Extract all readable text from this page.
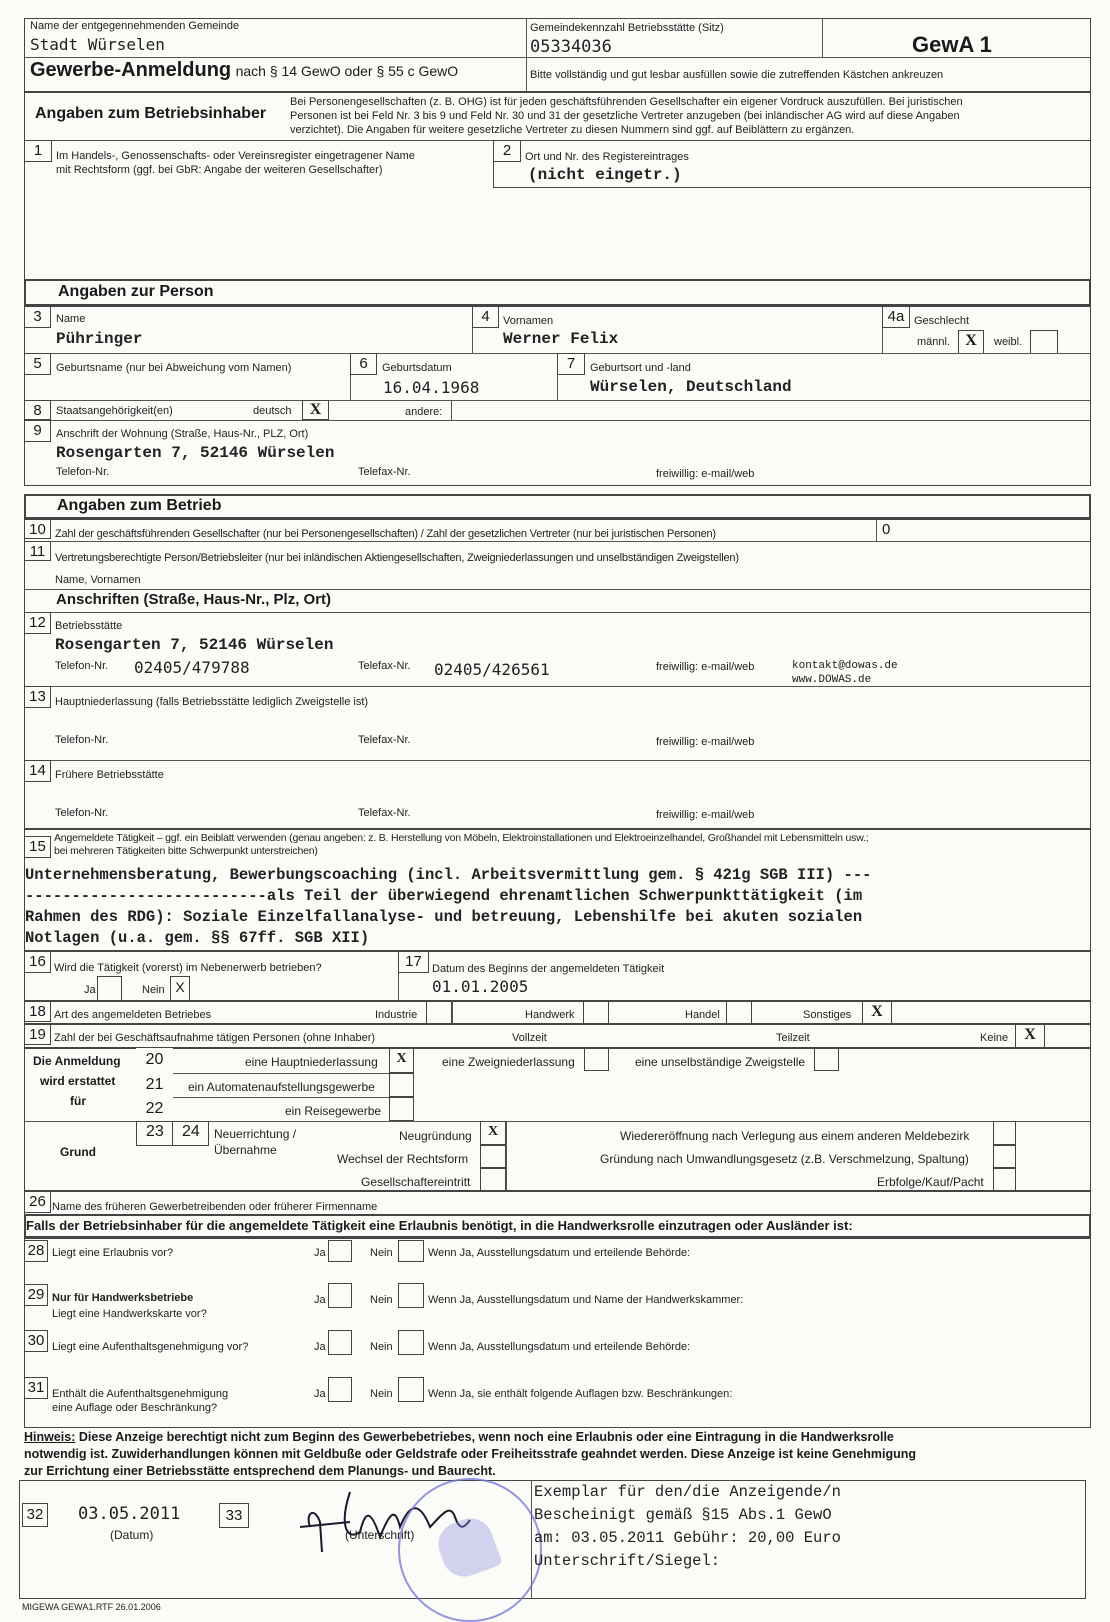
Name der entgegennehmenden Gemeinde
Stadt Würselen
Gemeindekennzahl Betriebsstätte (Sitz)
05334036	GewA 1
Gewerbe-Anmeldung nach § 14 GewO oder § 55 c GewO	Bitte vollständig und gut lesbar ausfüllen sowie die zutreffenden Kästchen ankreuzen
Angaben zum Betriebsinhaber
Bei Personengesellschaften (z. B. OHG) ist für jeden geschäftsführenden Gesellschafter ein eigener Vordruck auszufüllen. Bei juristischen
Personen ist bei Feld Nr. 3 bis 9 und Feld Nr. 30 und 31 der gesetzliche Vertreter anzugeben (bei inländischer AG wird auf diese Angaben
verzichtet). Die Angaben für weitere gesetzliche Vertreter zu diesen Nummern sind ggf. auf Beiblättern zu ergänzen.
1	Im Handels-, Genossenschafts- oder Vereinsregister eingetragener Name
mit Rechtsform (ggf. bei GbR: Angabe der weiteren Gesellschafter)
2	Ort und Nr. des Registereintrages
(nicht eingetr.)
Angaben zur Person
3	Name
Pühringer
4	Vornamen
Werner Felix
4a Geschlecht
männl. X	weibl.
5	Geburtsname (nur bei Abweichung vom Namen)	6	Geburtsdatum
16.04.1968
7	Geburtsort und -land
Würselen, Deutschland
8	Staatsangehörigkeit(en)	deutsch	X	andere:
9	Anschrift der Wohnung (Straße, Haus-Nr., PLZ, Ort)
Rosengarten 7, 52146 Würselen
Telefon-Nr.	Telefax-Nr.	freiwillig: e-mail/web
Angaben zum Betrieb
10 Zahl der geschäftsführenden Gesellschafter (nur bei Personengesellschaften) / Zahl der gesetzlichen Vertreter (nur bei juristischen Personen)	0
11 Vertretungsberechtigte Person/Betriebsleiter (nur bei inländischen Aktiengesellschaften, Zweigniederlassungen und unselbständigen Zweigstellen)
Name, Vornamen
Anschriften (Straße, Haus-Nr., Plz, Ort)
12 Betriebsstätte
Rosengarten 7, 52146 Würselen
Telefon-Nr. 02405/479788	Telefax-Nr. 02405/426561	freiwillig: e-mail/web	kontakt@dowas.de
www.DOWAS.de
13 Hauptniederlassung (falls Betriebsstätte lediglich Zweigstelle ist)
Telefon-Nr.	Telefax-Nr.	freiwillig: e-mail/web
14 Frühere Betriebsstätte
Telefon-Nr.	Telefax-Nr.	freiwillig: e-mail/web
15 Angemeldete Tätigkeit – ggf. ein Beiblatt verwenden (genau angeben: z. B. Herstellung von Möbeln, Elektroinstallationen und Elektroeinzelhandel, Großhandel mit Lebensmitteln usw.;
bei mehreren Tätigkeiten bitte Schwerpunkt unterstreichen)
Unternehmensberatung, Bewerbungscoaching (incl. Arbeitsvermittlung gem. § 421g SGB III) ---
--------------------------als Teil der überwiegend ehrenamtlichen Schwerpunkttätigkeit (im
Rahmen des RDG): Soziale Einzelfallanalyse- und betreuung, Lebenshilfe bei akuten sozialen
Notlagen (u.a. gem. §§ 67ff. SGB XII)
16 Wird die Tätigkeit (vorerst) im Nebenerwerb betrieben?
Ja	Nein X
17 Datum des Beginns der angemeldeten Tätigkeit
01.01.2005
18 Art des angemeldeten Betriebes	Industrie	Handwerk	Handel	Sonstiges	X
19 Zahl der bei Geschäftsaufnahme tätigen Personen (ohne Inhaber)	Vollzeit	Teilzeit	Keine	X
Die Anmeldung
wird erstattet
für
20	eine Hauptniederlassung	X
21	ein Automatenaufstellungsgewerbe
22	ein Reisegewerbe
eine Zweigniederlassung	eine unselbständige Zweigstelle
Grund
23 24 Neuerrichtung /
Übernahme
Neugründung	X
Wechsel der Rechtsform
Gesellschaftereintritt
Wiedereröffnung nach Verlegung aus einem anderen Meldebezirk
Gründung nach Umwandlungsgesetz (z.B. Verschmelzung, Spaltung)
Erbfolge/Kauf/Pacht
26 Name des früheren Gewerbetreibenden oder früherer Firmenname
Falls der Betriebsinhaber für die angemeldete Tätigkeit eine Erlaubnis benötigt, in die Handwerksrolle einzutragen oder Ausländer ist:
28 Liegt eine Erlaubnis vor?	Ja	Nein	Wenn Ja, Ausstellungsdatum und erteilende Behörde:
29 Nur für Handwerksbetriebe
Liegt eine Handwerkskarte vor?
Ja	Nein	Wenn Ja, Ausstellungsdatum und Name der Handwerkskammer:
30 Liegt eine Aufenthaltsgenehmigung vor?	Ja	Nein	Wenn Ja, Ausstellungsdatum und erteilende Behörde:
31 Enthält die Aufenthaltsgenehmigung
eine Auflage oder Beschränkung?
Ja	Nein	Wenn Ja, sie enthält folgende Auflagen bzw. Beschränkungen:
Hinweis: Diese Anzeige berechtigt nicht zum Beginn des Gewerbebetriebes, wenn noch eine Erlaubnis oder eine Eintragung in die Handwerksrolle
notwendig ist. Zuwiderhandlungen können mit Geldbuße oder Geldstrafe oder Freiheitsstrafe geahndet werden. Diese Anzeige ist keine Genehmigung
zur Errichtung einer Betriebsstätte entsprechend dem Planungs- und Baurecht.
32 03.05.2011
(Datum)
33
(Unterschrift)
Exemplar für den/die Anzeigende/n
Bescheinigt gemäß §15 Abs.1 GewO
am: 03.05.2011 Gebühr: 20,00 Euro
Unterschrift/Siegel:
MIGEWA GEWA1.RTF 26.01.2006
